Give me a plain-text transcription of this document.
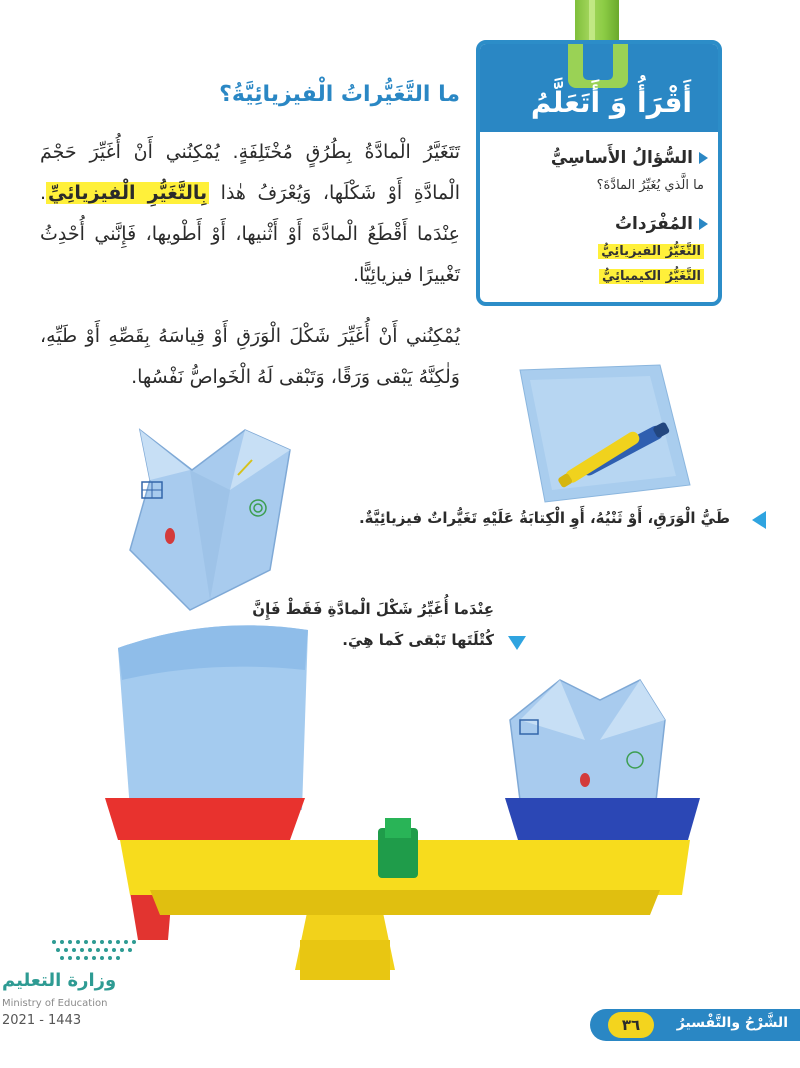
أَقْرَأُ وَ أَتَعَلَّمُ
السُّؤالُ الأَساسِيُّ
ما الَّذي يُغَيِّرُ المادَّةَ؟
المُفْرَداتُ
التَّغَيُّرُ الفيزيائِيُّ
التَّغَيُّرُ الكيميائِيُّ
ما التَّغَيُّراتُ الْفيزيائِيَّةُ؟
تَتَغَيَّرُ الْمادَّةُ بِطُرُقٍ مُخْتَلِفَةٍ. يُمْكِنُني أَنْ أُغَيِّرَ حَجْمَ الْمادَّةِ أَوْ شَكْلَها، وَيُعْرَفُ هٰذا بِالتَّغَيُّرِ الْفيزيائِيِّ. عِنْدَما أَقْطَعُ الْمادَّةَ أَوْ أَثْنيها، أَوْ أَطْويها، فَإِنَّني أُحْدِثُ تَغْييرًا فيزيائِيًّا.
يُمْكِنُني أَنْ أُغَيِّرَ شَكْلَ الْوَرَقِ أَوْ قِياسَهُ بِقَصِّهِ أَوْ طَيِّهِ، وَلٰكِنَّهُ يَبْقى وَرَقًا، وَتَبْقى لَهُ الْخَواصُّ نَفْسُها.
طَيُّ الْوَرَقِ، أَوْ ثَنْيُهُ، أَوِ الْكِتابَةُ عَلَيْهِ تَغَيُّراتٌ فيزيائِيَّةٌ.
عِنْدَما أُغَيِّرُ شَكْلَ الْمادَّةِ فَقَطْ فَإِنَّ
كُتْلَتَها تَبْقى كَما هِيَ.
الشَّرْحُ والتَّفْسيرُ
٣٦
وزارة التعليم
Ministry of Education
2021 - 1443
